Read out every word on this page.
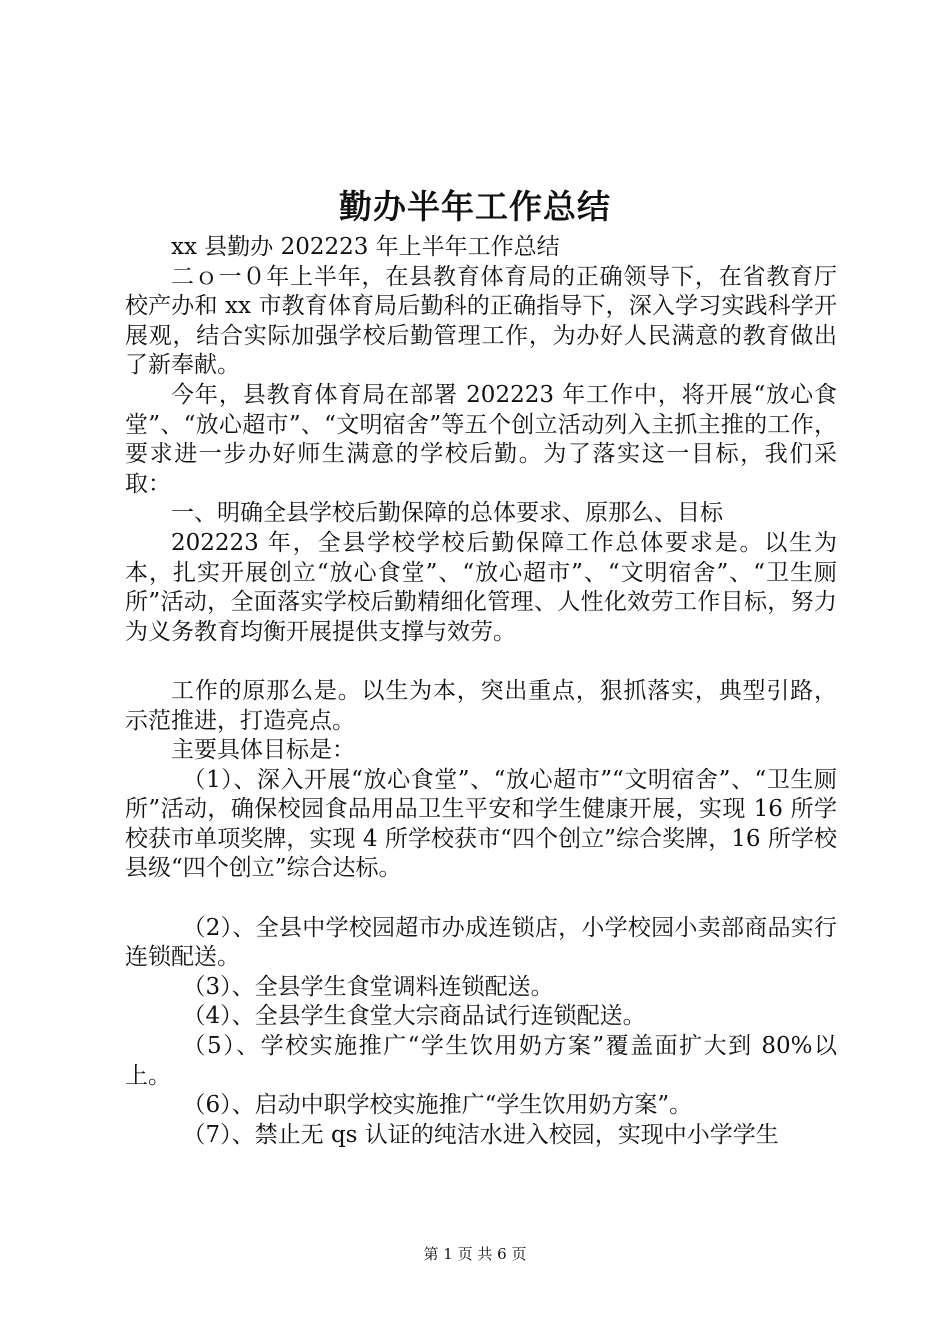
勤办半年工作总结

xx 县勤办 202223 年上半年工作总结

二ｏ一０年上半年，在县教育体育局的正确领导下，在省教育厅校产办和 xx 市教育体育局后勤科的正确指导下，深入学习实践科学开展观，结合实际加强学校后勤管理工作，为办好人民满意的教育做出了新奉献。

今年，县教育体育局在部署 202223 年工作中，将开展“放心食堂”、“放心超市”、“文明宿舍”等五个创立活动列入主抓主推的工作，要求进一步办好师生满意的学校后勤。为了落实这一目标，我们采取：

一、明确全县学校后勤保障的总体要求、原那么、目标

202223 年，全县学校学校后勤保障工作总体要求是。以生为本，扎实开展创立“放心食堂”、“放心超市”、“文明宿舍”、“卫生厕所”活动，全面落实学校后勤精细化管理、人性化效劳工作目标，努力为义务教育均衡开展提供支撑与效劳。

工作的原那么是。以生为本，突出重点，狠抓落实，典型引路，示范推进，打造亮点。

主要具体目标是：

（1）、深入开展“放心食堂”、“放心超市”“文明宿舍”、“卫生厕所”活动，确保校园食品用品卫生平安和学生健康开展，实现 16 所学校获市单项奖牌，实现 4 所学校获市“四个创立”综合奖牌，16 所学校县级“四个创立”综合达标。

（2）、全县中学校园超市办成连锁店，小学校园小卖部商品实行连锁配送。

（3）、全县学生食堂调料连锁配送。

（4）、全县学生食堂大宗商品试行连锁配送。

（5）、学校实施推广“学生饮用奶方案”覆盖面扩大到 80%以上。

（6）、启动中职学校实施推广“学生饮用奶方案”。

（7）、禁止无 qs 认证的纯洁水进入校园，实现中小学学生

第 1 页 共 6 页
